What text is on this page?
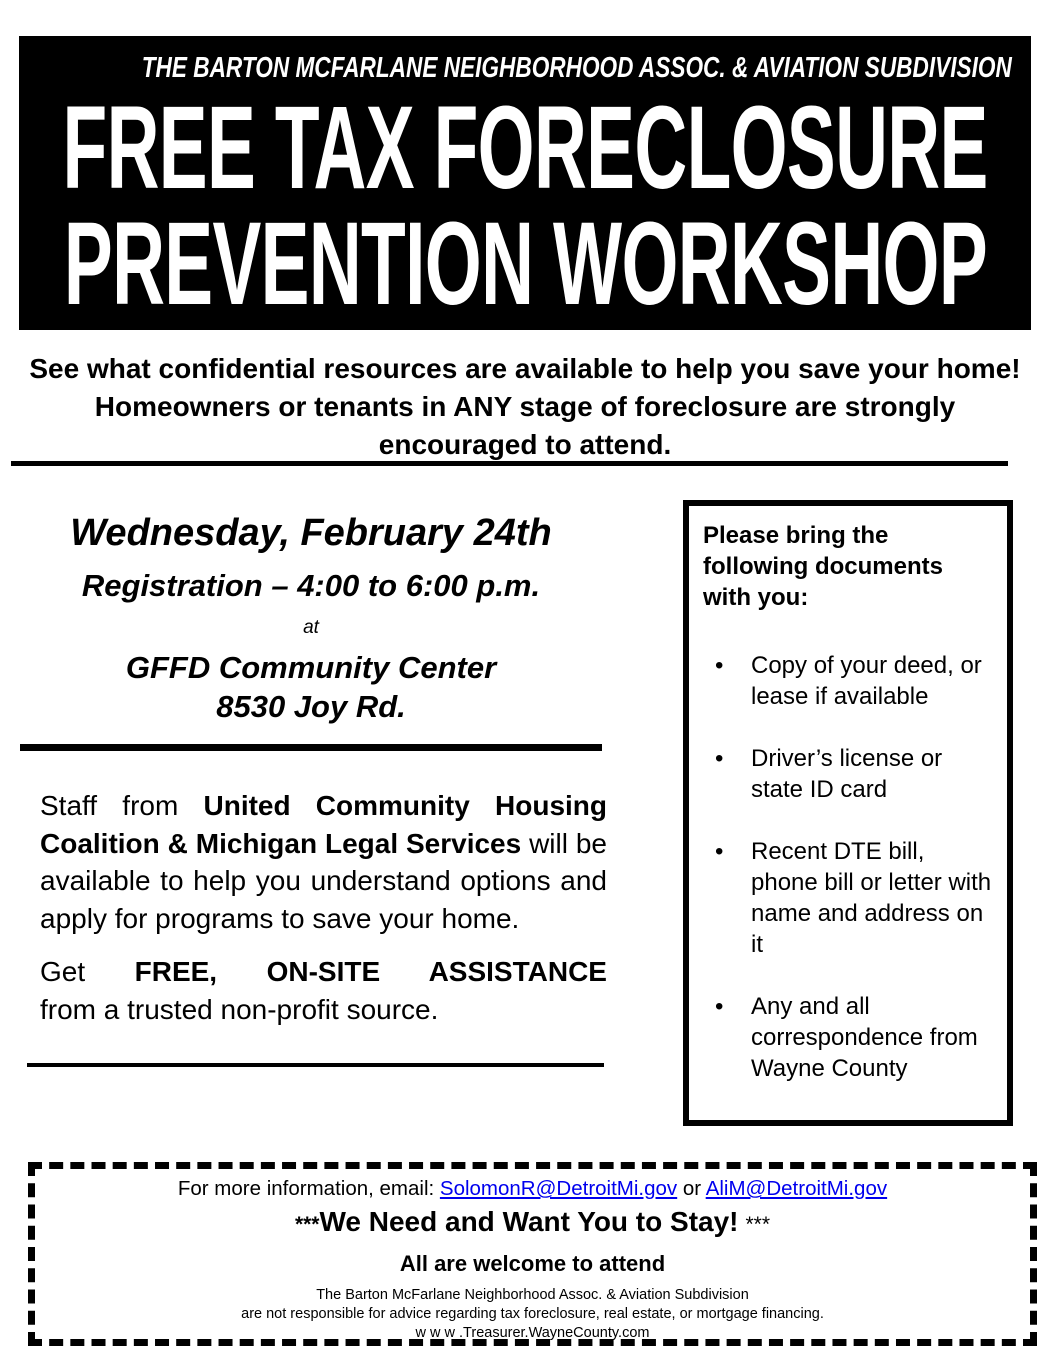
THE BARTON MCFARLANE NEIGHBORHOOD ASSOC. & AVIATION SUBDIVISION
FREE TAX FORECLOSURE
PREVENTION WORKSHOP
See what confidential resources are available to help you save your home!
Homeowners or tenants in ANY stage of foreclosure are strongly
encouraged to attend.
Wednesday, February 24th
Registration – 4:00 to 6:00 p.m.
at
GFFD Community Center
8530 Joy Rd.

Staff from United Community Housing Coalition & Michigan Legal Services will be available to help you understand options and apply for programs to save your home.

Get FREE, ON-SITE ASSISTANCE
from a trusted non-profit source.
Please bring the following documents with you:
•	Copy of your deed, or lease if available
•	Driver’s license or state ID card
•	Recent DTE bill, phone bill or letter with name and address on it
•	Any and all correspondence from Wayne County
For more information, email: SolomonR@DetroitMi.gov or AliM@DetroitMi.gov
***We Need and Want You to Stay! ***
All are welcome to attend
The Barton McFarlane Neighborhood Assoc. & Aviation Subdivision
are not responsible for advice regarding tax foreclosure, real estate, or mortgage financing.
w w w .Treasurer.WayneCounty.com
